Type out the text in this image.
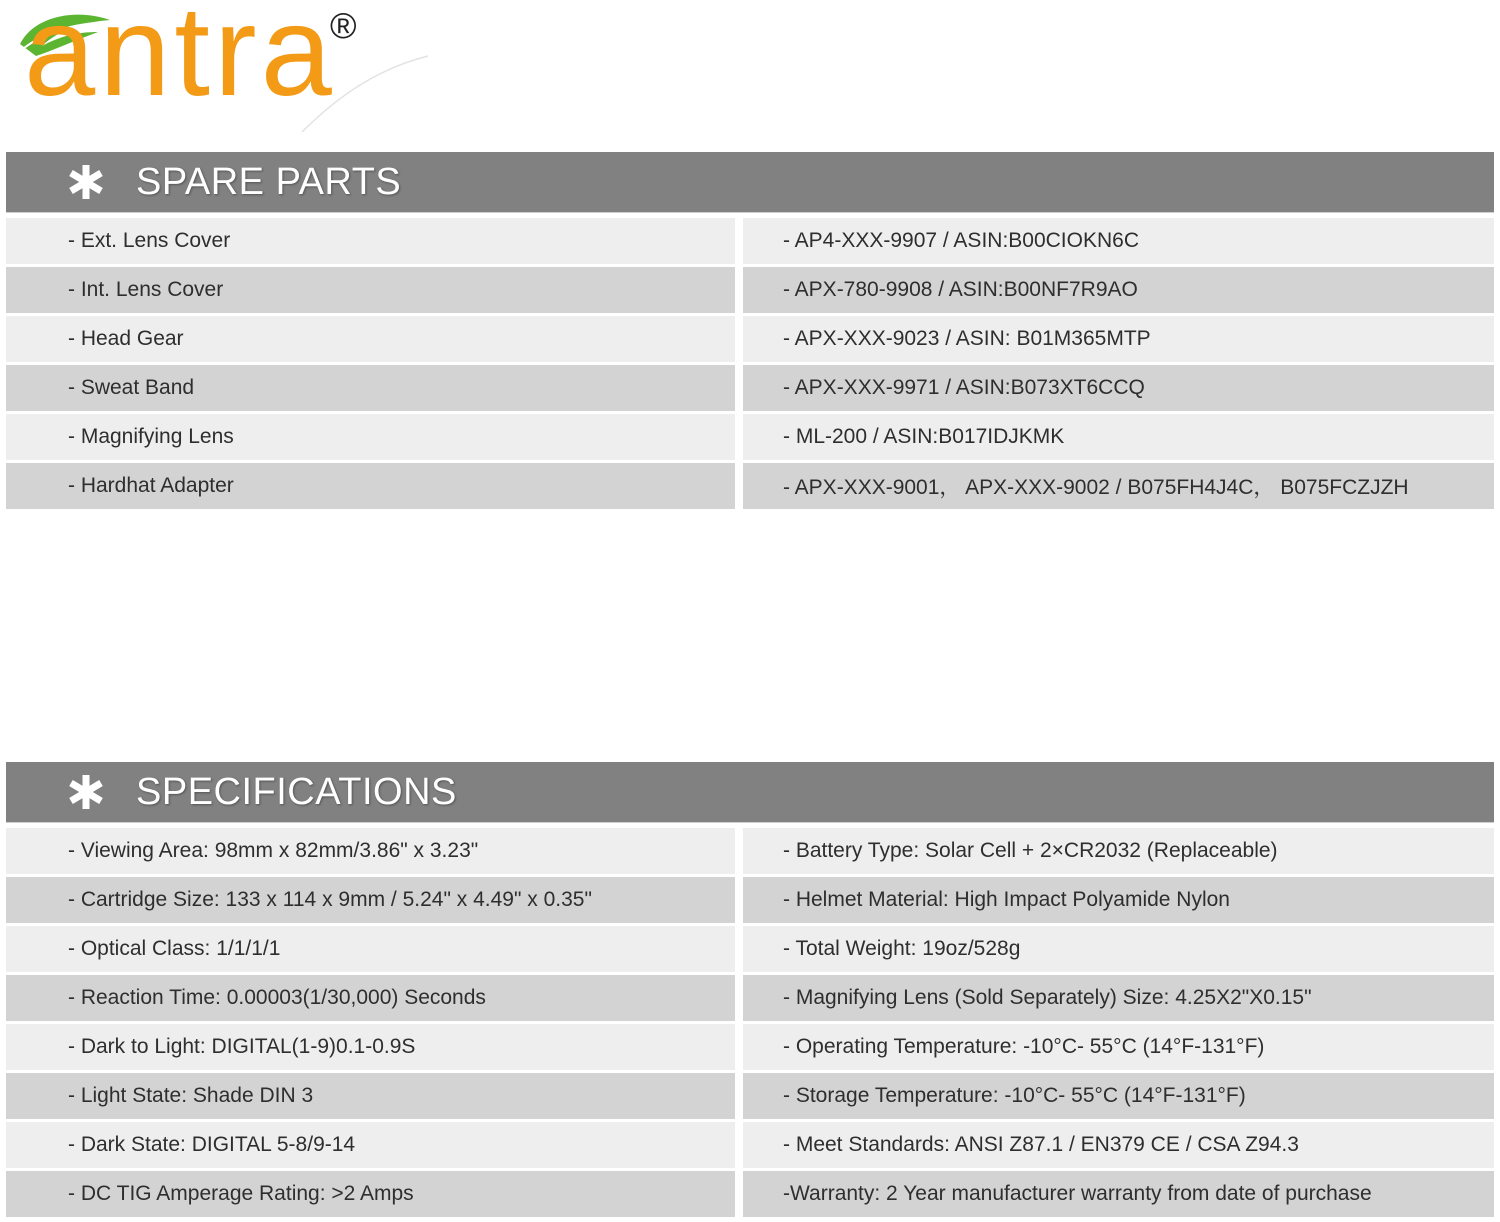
antra
®
SPARE PARTS
- Ext. Lens Cover	- AP4-XXX-9907 / ASIN:B00CIOKN6C
- Int. Lens Cover	- APX-780-9908 / ASIN:B00NF7R9AO
- Head Gear	- APX-XXX-9023 / ASIN: B01M365MTP
- Sweat Band	- APX-XXX-9971 / ASIN:B073XT6CCQ
- Magnifying Lens	- ML-200 / ASIN:B017IDJKMK
- Hardhat Adapter	- APX-XXX-9001， APX-XXX-9002 / B075FH4J4C， B075FCZJZH
SPECIFICATIONS
- Viewing Area: 98mm x 82mm/3.86" x 3.23"	- Battery Type: Solar Cell + 2×CR2032 (Replaceable)
- Cartridge Size: 133 x 114 x 9mm / 5.24" x 4.49" x 0.35"	- Helmet Material: High Impact Polyamide Nylon
- Optical Class: 1/1/1/1	- Total Weight: 19oz/528g
- Reaction Time: 0.00003(1/30,000) Seconds	- Magnifying Lens (Sold Separately) Size: 4.25X2"X0.15"
- Dark to Light: DIGITAL(1-9)0.1-0.9S	- Operating Temperature: -10°C- 55°C (14°F-131°F)
- Light State: Shade DIN 3	- Storage Temperature: -10°C- 55°C (14°F-131°F)
- Dark State: DIGITAL 5-8/9-14	- Meet Standards: ANSI Z87.1 / EN379 CE / CSA Z94.3
- DC TIG Amperage Rating: >2 Amps	-Warranty: 2 Year manufacturer warranty from date of purchase
